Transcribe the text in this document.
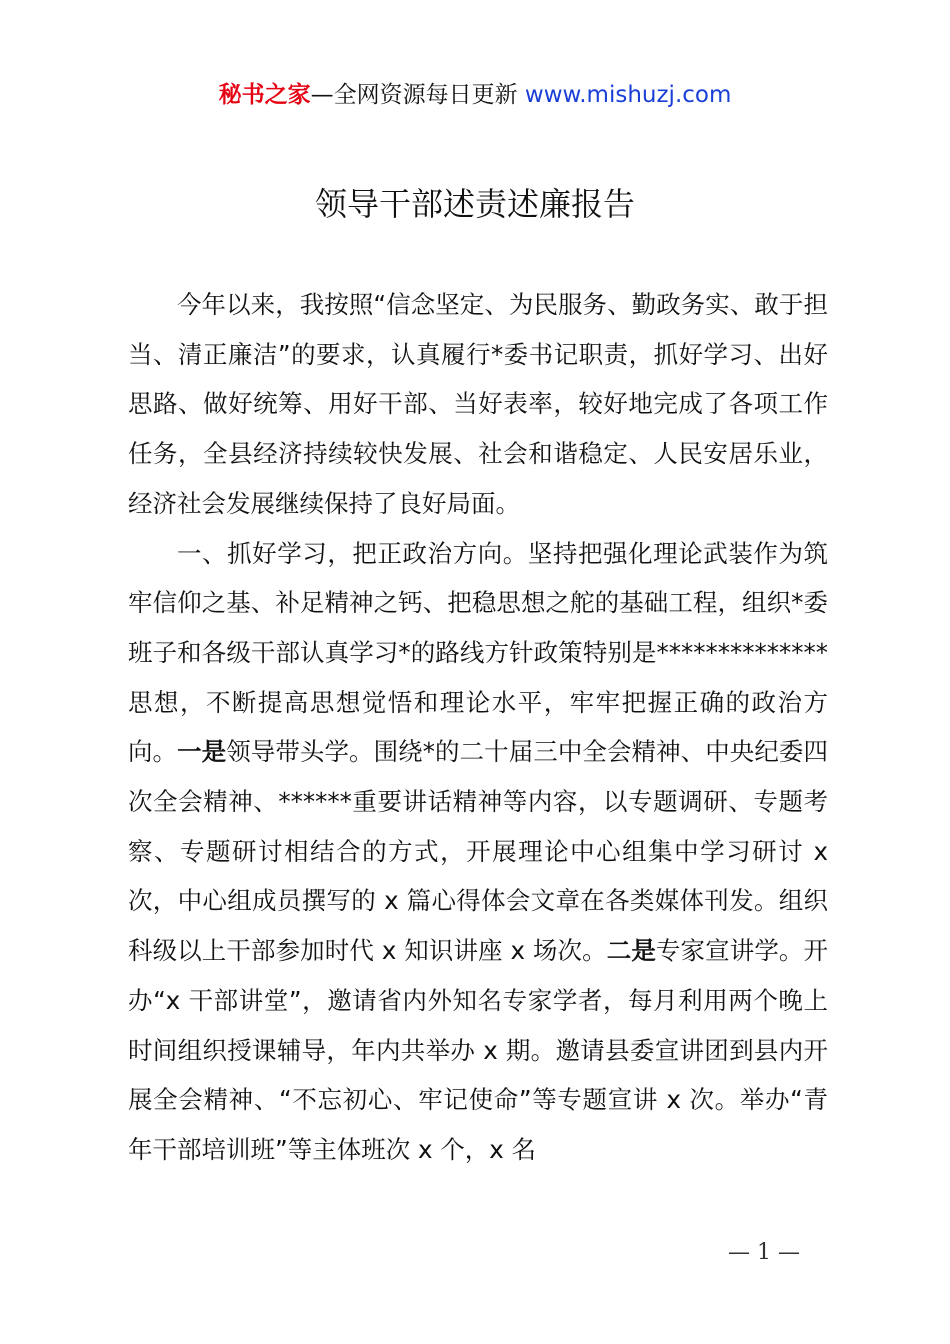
秘书之家—全网资源每日更新 www.mishuzj.com
领导干部述责述廉报告

今年以来，我按照“信念坚定、为民服务、勤政务实、敢于担当、清正廉洁”的要求，认真履行*委书记职责，抓好学习、出好思路、做好统筹、用好干部、当好表率，较好地完成了各项工作任务，全县经济持续较快发展、社会和谐稳定、人民安居乐业，经济社会发展继续保持了良好局面。

一、抓好学习，把正政治方向。坚持把强化理论武装作为筑牢信仰之基、补足精神之钙、把稳思想之舵的基础工程，组织*委班子和各级干部认真学习*的路线方针政策特别是**************思想，不断提高思想觉悟和理论水平，牢牢把握正确的政治方向。一是领导带头学。围绕*的二十届三中全会精神、中央纪委四次全会精神、******重要讲话精神等内容，以专题调研、专题考察、专题研讨相结合的方式，开展理论中心组集中学习研讨 x 次，中心组成员撰写的 x 篇心得体会文章在各类媒体刊发。组织科级以上干部参加时代 x 知识讲座 x 场次。二是专家宣讲学。开办“x 干部讲堂”，邀请省内外知名专家学者，每月利用两个晚上时间组织授课辅导，年内共举办 x 期。邀请县委宣讲团到县内开展全会精神、“不忘初心、牢记使命”等专题宣讲 x 次。举办“青年干部培训班”等主体班次 x 个，x 名

— 1 —
